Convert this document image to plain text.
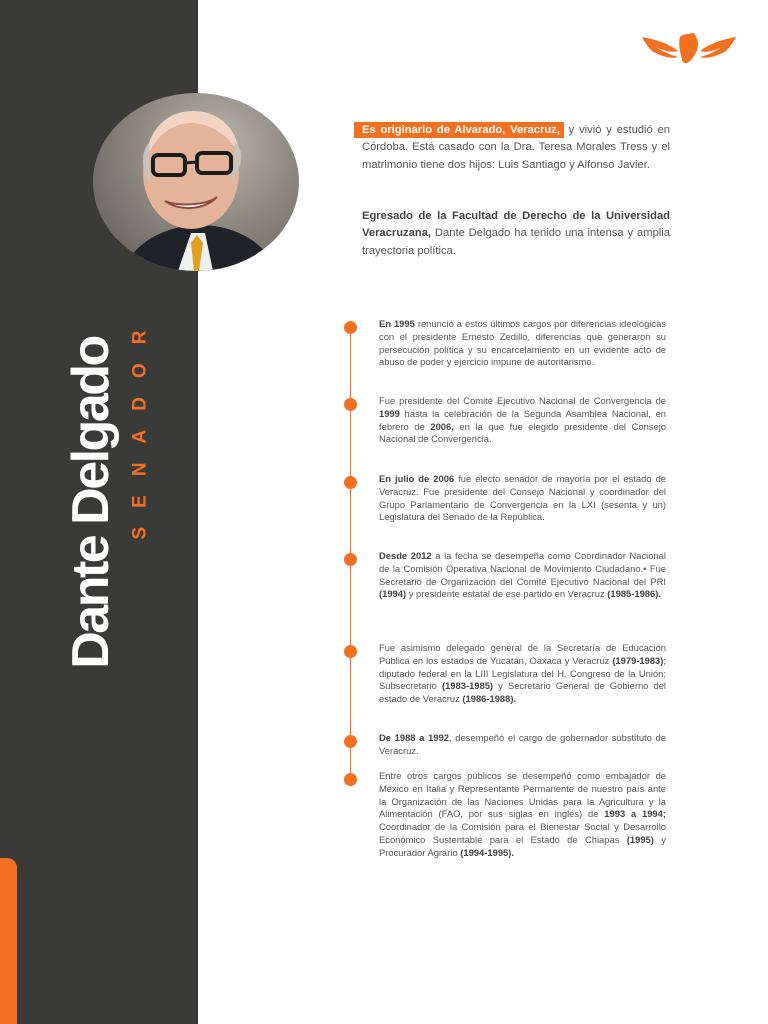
Dante Delgado SENADOR

Es originario de Alvarado, Veracruz, y vivió y estudió en Córdoba. Está casado con la Dra. Teresa Morales Tress y el matrimonio tiene dos hijos: Luis Santiago y Alfonso Javier.

Egresado de la Facultad de Derecho de la Universidad Veracruzana, Dante Delgado ha tenido una intensa y amplia trayectoria política.

En 1995 renunció a estos últimos cargos por diferencias ideológicas con el presidente Ernesto Zedillo, diferencias que generaron su persecución política y su encarcelamiento en un evidente acto de abuso de poder y ejercicio impune de autoritarismo.

Fue presidente del Comité Ejecutivo Nacional de Convergencia de 1999 hasta la celebración de la Segunda Asamblea Nacional, en febrero de 2006, en la que fue elegido presidente del Consejo Nacional de Convergencia.

En julio de 2006 fue electo senador de mayoría por el estado de Veracruz. Fue presidente del Consejo Nacional y coordinador del Grupo Parlamentario de Convergencia en la LXI (sesenta y un) Legislatura del Senado de la República.

Desde 2012 a la fecha se desempeña como Coordinador Nacional de la Comisión Operativa Nacional de Movimiento Ciudadano.• Fue Secretario de Organización del Comité Ejecutivo Nacional del PRI (1994) y presidente estatal de ese partido en Veracruz (1985-1986).

Fue asimismo delegado general de la Secretaría de Educación Pública en los estados de Yucatán, Oaxaca y Veracruz (1979-1983); diputado federal en la LIII Legislatura del H. Congreso de la Unión; Subsecretario (1983-1985) y Secretario General de Gobierno del estado de Veracruz (1986-1988).

De 1988 a 1992, desempeñó el cargo de gobernador substituto de Veracruz.

Entre otros cargos públicos se desempeñó como embajador de México en Italia y Representante Permanente de nuestro país ante la Organización de las Naciones Unidas para la Agricultura y la Alimentación (FAO, por sus siglas en inglés) de 1993 a 1994; Coordinador de la Comisión para el Bienestar Social y Desarrollo Económico Sustentable para el Estado de Chiapas (1995) y Procurador Agrario (1994-1995).
